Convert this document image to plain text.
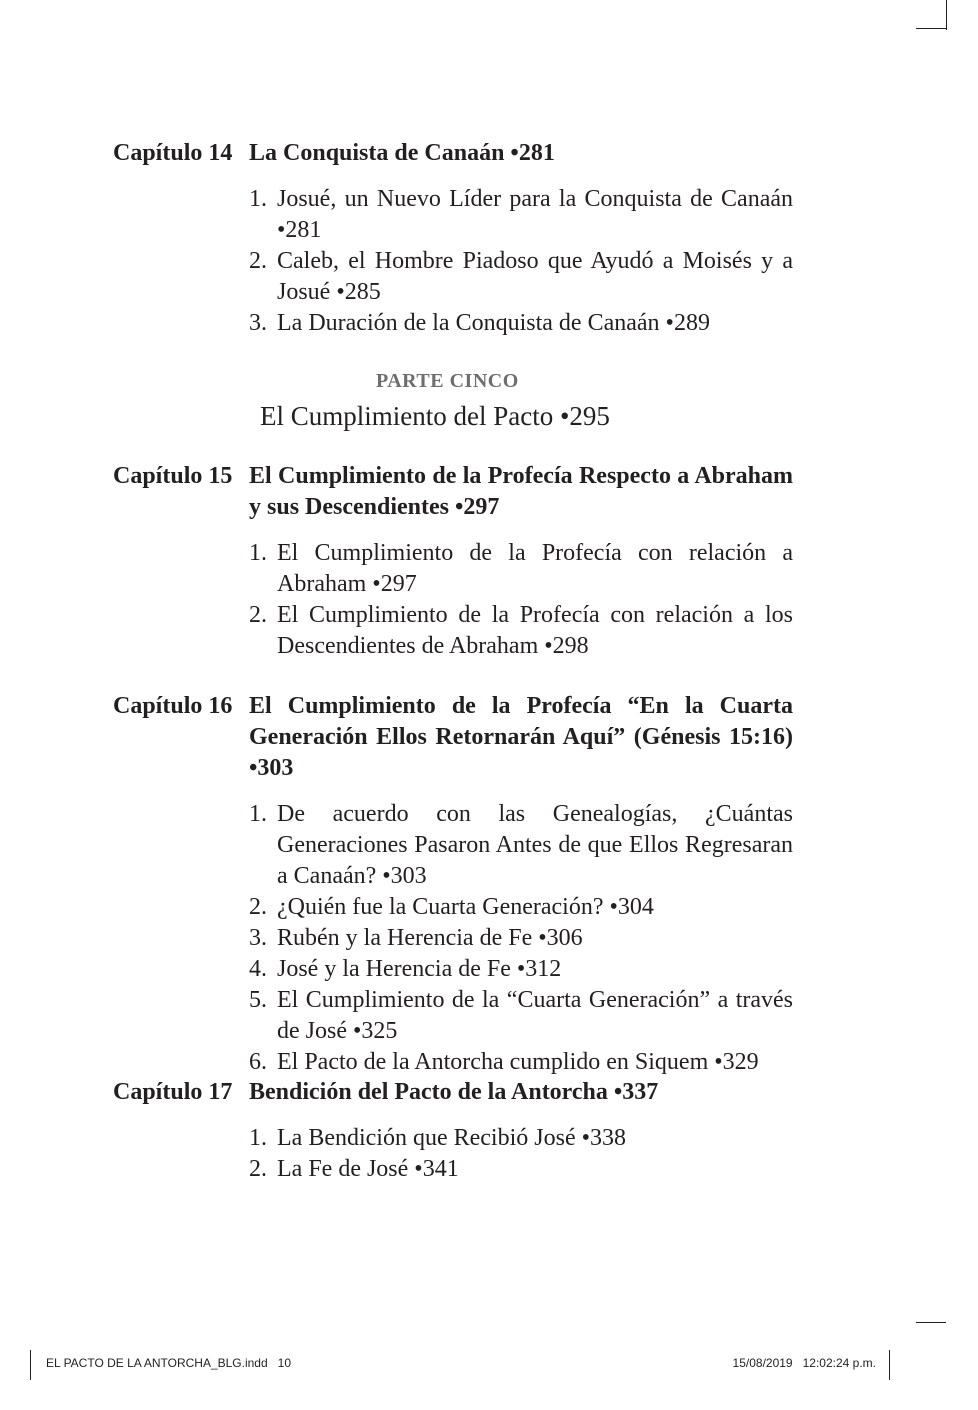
Capítulo 14 La Conquista de Canaán •281
1. Josué, un Nuevo Líder para la Conquista de Canaán •281
2. Caleb, el Hombre Piadoso que Ayudó a Moisés y a Josué •285
3. La Duración de la Conquista de Canaán •289
PARTE CINCO
El Cumplimiento del Pacto •295
Capítulo 15 El Cumplimiento de la Profecía Respecto a Abraham y sus Descendientes •297
1. El Cumplimiento de la Profecía con relación a Abraham •297
2. El Cumplimiento de la Profecía con relación a los Descendientes de Abraham •298
Capítulo 16 El Cumplimiento de la Profecía “En la Cuarta Generación Ellos Retornarán Aquí” (Génesis 15:16) •303
1. De acuerdo con las Genealogías, ¿Cuántas Generaciones Pasaron Antes de que Ellos Regresaran a Canaán? •303
2. ¿Quién fue la Cuarta Generación? •304
3. Rubén y la Herencia de Fe •306
4. José y la Herencia de Fe •312
5. El Cumplimiento de la “Cuarta Generación” a través de José •325
6. El Pacto de la Antorcha cumplido en Siquem •329
Capítulo 17 Bendición del Pacto de la Antorcha •337
1. La Bendición que Recibió José •338
2. La Fe de José •341
EL PACTO DE LA ANTORCHA_BLG.indd   10	15/08/2019   12:02:24 p.m.
